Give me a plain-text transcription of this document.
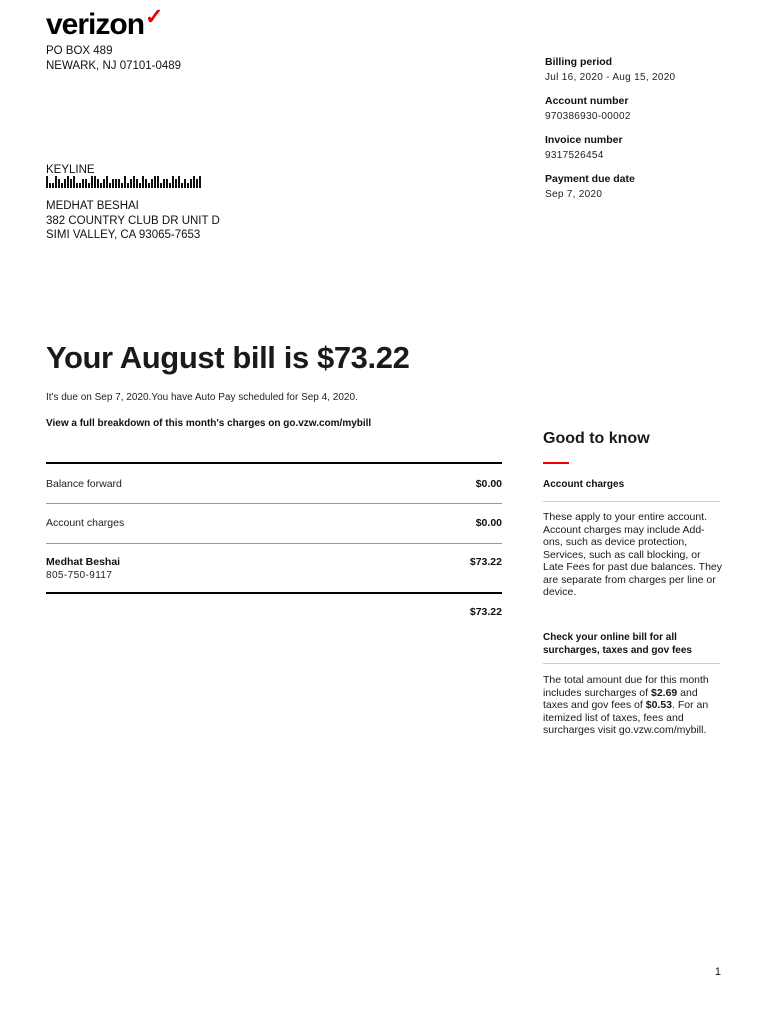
verizon✓
PO BOX 489
NEWARK, NJ 07101-0489
KEYLINE
MEDHAT BESHAI
382 COUNTRY CLUB DR UNIT D
SIMI VALLEY, CA 93065-7653
Billing period
Jul 16, 2020 - Aug 15, 2020
Account number
970386930-00002
Invoice number
9317526454
Payment due date
Sep 7, 2020
Your August bill is $73.22
It's due on Sep 7, 2020.You have Auto Pay scheduled for Sep 4, 2020.
View a full breakdown of this month's charges on go.vzw.com/mybill
Balance forward	$0.00
Account charges	$0.00
Medhat Beshai
805-750-9117
$73.22
$73.22
Good to know
Account charges
These apply to your entire account. Account charges may include Add-ons, such as device protection, Services, such as call blocking, or Late Fees for past due balances. They are separate from charges per line or device.
Check your online bill for all surcharges, taxes and gov fees
The total amount due for this month includes surcharges of $2.69 and taxes and gov fees of $0.53. For an itemized list of taxes, fees and surcharges visit go.vzw.com/mybill.
1
